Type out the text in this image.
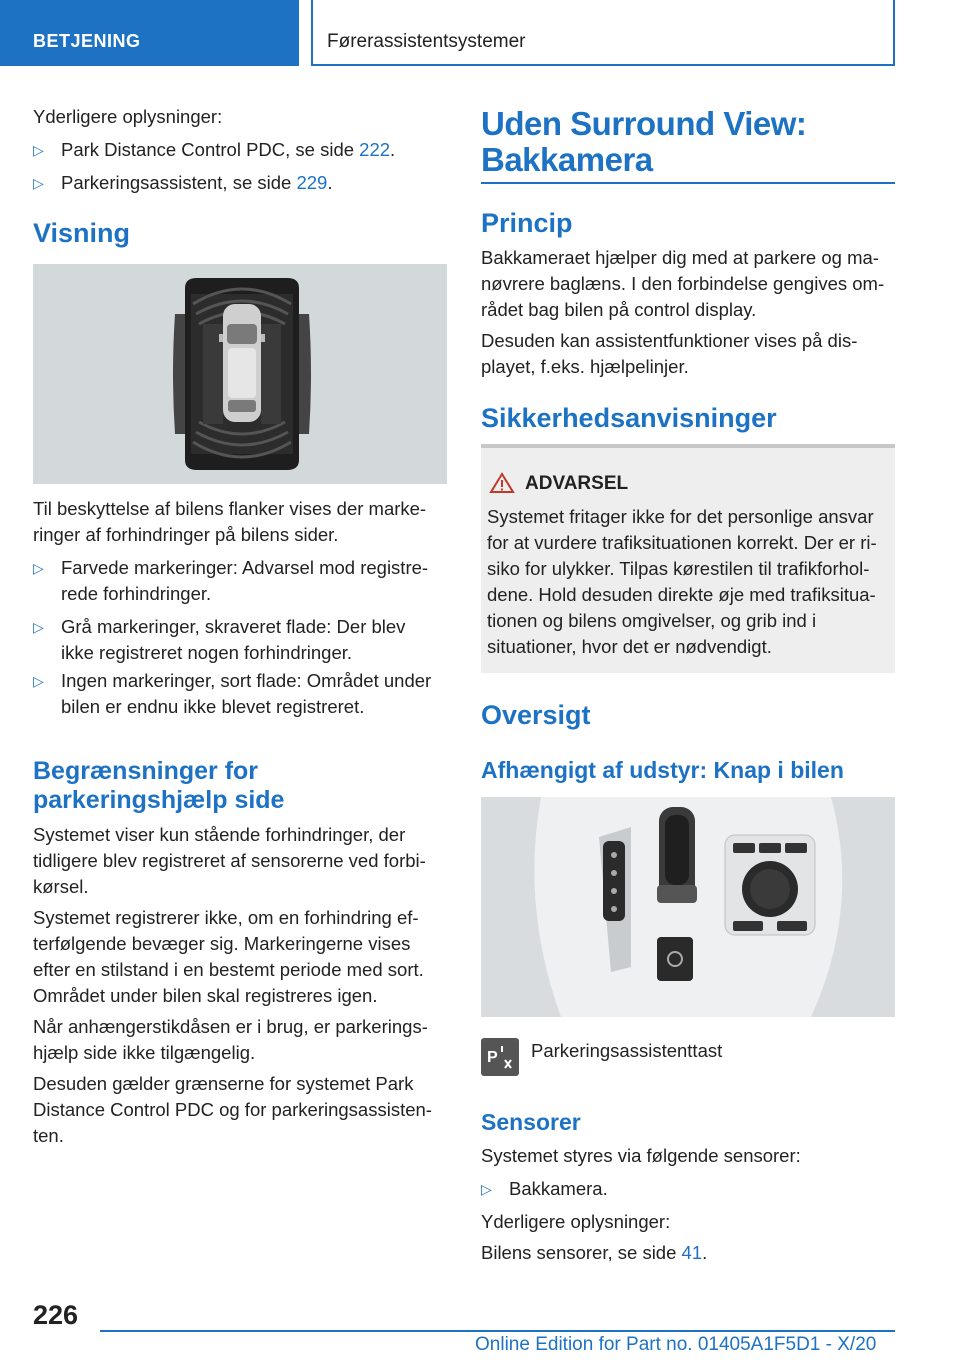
BETJENING	Førerassistentsystemer
Yderligere oplysninger:
▷ Park Distance Control PDC, se side 222.
▷ Parkeringsassistent, se side 229.
Visning
Til beskyttelse af bilens flanker vises der marke-
ringer af forhindringer på bilens sider.
▷ Farvede markeringer: Advarsel mod registre-
rede forhindringer.
▷ Grå markeringer, skraveret flade: Der blev
ikke registreret nogen forhindringer.
▷ Ingen markeringer, sort flade: Området under
bilen er endnu ikke blevet registreret.
Begrænsninger for
parkeringshjælp side
Systemet viser kun stående forhindringer, der
tidligere blev registreret af sensorerne ved forbi-
kørsel.
Systemet registrerer ikke, om en forhindring ef-
terfølgende bevæger sig. Markeringerne vises
efter en stilstand i en bestemt periode med sort.
Området under bilen skal registreres igen.
Når anhængerstikdåsen er i brug, er parkerings-
hjælp side ikke tilgængelig.
Desuden gælder grænserne for systemet Park
Distance Control PDC og for parkeringsassisten-
ten.
Uden Surround View:
Bakkamera
Princip
Bakkameraet hjælper dig med at parkere og ma-
nøvrere baglæns. I den forbindelse gengives om-
rådet bag bilen på control display.
Desuden kan assistentfunktioner vises på dis-
playet, f.eks. hjælpelinjer.
Sikkerhedsanvisninger
ADVARSEL
Systemet fritager ikke for det personlige ansvar
for at vurdere trafiksituationen korrekt. Der er ri-
siko for ulykker. Tilpas kørestilen til trafikforhol-
dene. Hold desuden direkte øje med trafiksitua-
tionen og bilens omgivelser, og grib ind i
situationer, hvor det er nødvendigt.
Oversigt
Afhængigt af udstyr: Knap i bilen
P Parkeringsassistenttast
Sensorer
Systemet styres via følgende sensorer:
▷ Bakkamera.
Yderligere oplysninger:
Bilens sensorer, se side 41.
226
Online Edition for Part no. 01405A1F5D1 - X/20
